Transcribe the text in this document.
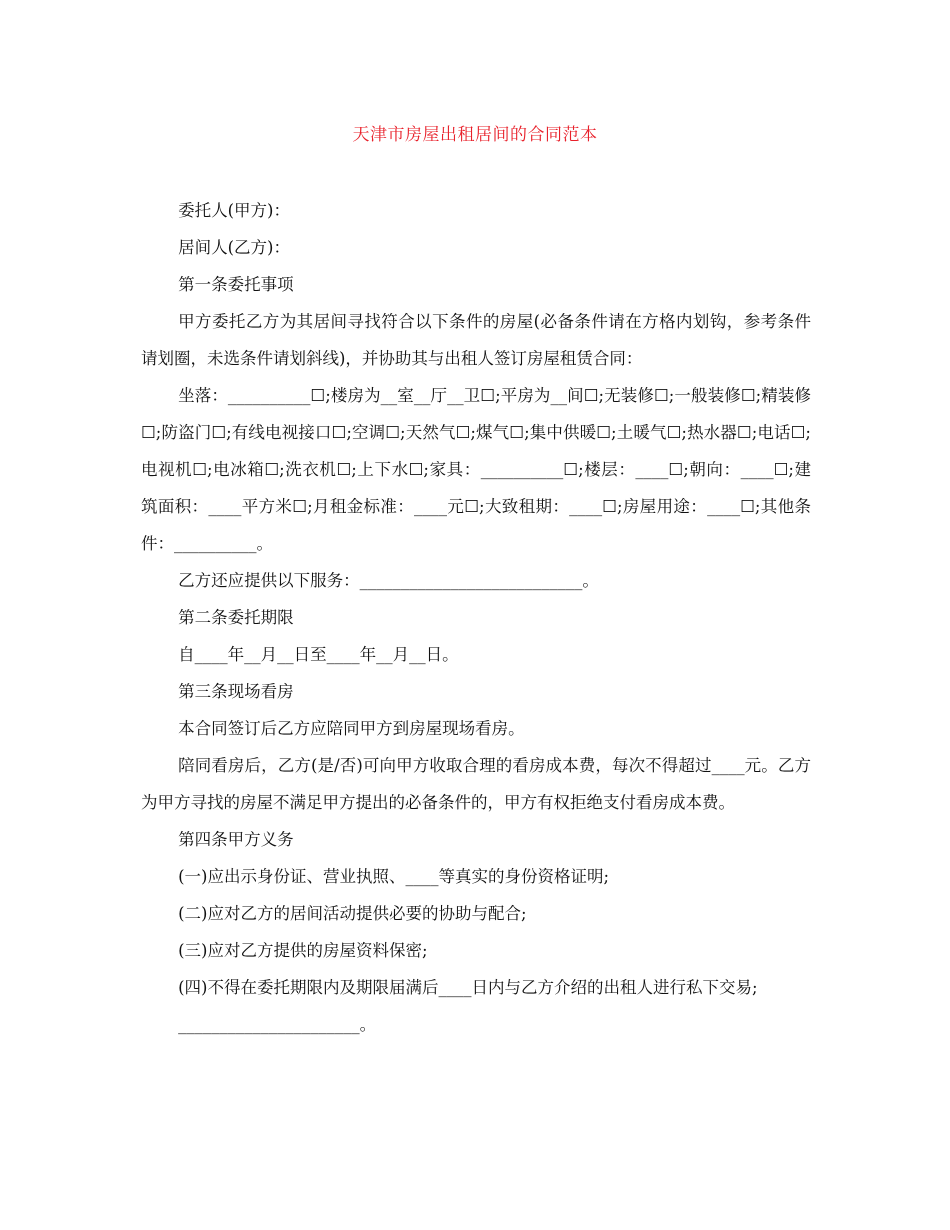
天津市房屋出租居间的合同范本

委托人(甲方)：

居间人(乙方)：

第一条委托事项

甲方委托乙方为其居间寻找符合以下条件的房屋(必备条件请在方格内划钩，参考条件请划圈，未选条件请划斜线)，并协助其与出租人签订房屋租赁合同：

坐落：__________☐;楼房为__室__厅__卫☐;平房为__间☐;无装修☐;一般装修☐;精装修☐;防盗门☐;有线电视接口☐;空调☐;天然气☐;煤气☐;集中供暖☐;土暖气☐;热水器☐;电话☐;电视机☐;电冰箱☐;洗衣机☐;上下水☐;家具：__________☐;楼层：____☐;朝向：____☐;建筑面积：____平方米☐;月租金标准：____元☐;大致租期：____☐;房屋用途：____☐;其他条件：__________。

乙方还应提供以下服务：___________________________。

第二条委托期限

自____年__月__日至____年__月__日。

第三条现场看房

本合同签订后乙方应陪同甲方到房屋现场看房。

陪同看房后，乙方(是/否)可向甲方收取合理的看房成本费，每次不得超过____元。乙方为甲方寻找的房屋不满足甲方提出的必备条件的，甲方有权拒绝支付看房成本费。

第四条甲方义务

(一)应出示身份证、营业执照、____等真实的身份资格证明;

(二)应对乙方的居间活动提供必要的协助与配合;

(三)应对乙方提供的房屋资料保密;

(四)不得在委托期限内及期限届满后____日内与乙方介绍的出租人进行私下交易;

______________________。
